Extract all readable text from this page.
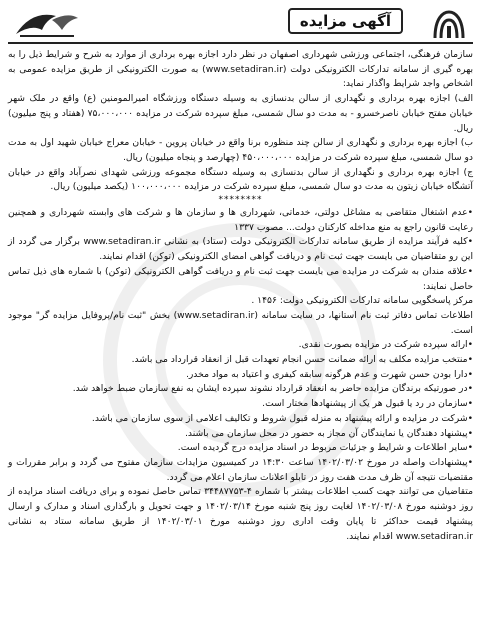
آگهی مزایده

سازمان فرهنگی، اجتماعی ورزشی شهرداری اصفهان در نظر دارد اجازه بهره برداری از موارد به شرح و شرایط ذیل را به بهره گیری از سامانه تدارکات الکترونیکی دولت (www.setadiran.ir) به صورت الکترونیکی از طریق مزایده عمومی به اشخاص واجد شرایط واگذار نماید:

الف) اجازه بهره برداری و نگهداری از سالن بدنسازی به وسیله دستگاه ورزشگاه امیرالمومنین (ع) واقع در ملک شهر خیابان مفتح خیابان ناصرخسرو - به مدت دو سال شمسی، مبلغ سپرده شرکت در مزایده ۷۵،۰۰۰،۰۰۰ (هفتاد و پنج میلیون) ریال.

ب) اجازه بهره برداری و نگهداری از سالن چند منظوره برنا واقع در خیابان پروین - خیابان معراج خیابان شهید اول به مدت دو سال شمسی، مبلغ سپرده شرکت در مزایده ۴۵۰،۰۰۰،۰۰۰ (چهارصد و پنجاه میلیون) ریال.

ج) اجازه بهره برداری و نگهداری از سالن بدنسازی به وسیله دستگاه مجموعه ورزشی شهدای نصرآباد واقع در خیابان آتشگاه خیابان زیتون به مدت دو سال شمسی، مبلغ سپرده شرکت در مزایده ۱۰۰،۰۰۰،۰۰۰ (یکصد میلیون) ریال.

********

•عدم اشتغال متقاضی به مشاغل دولتی، خدماتی، شهرداری ها و سازمان ها و شرکت های وابسته شهرداری و همچنین رعایت قانون راجع به منع مداخله کارکنان دولت... مصوب ۱۳۳۷

•کلیه فرآیند مزایده از طریق سامانه تدارکات الکترونیکی دولت (ستاد) به نشانی www.setadiran.ir برگزار می گردد از این رو متقاضیان می بایست جهت ثبت نام و دریافت گواهی امضای الکترونیکی (توکن) اقدام نمایند.

•علاقه مندان به شرکت در مزایده می بایست جهت ثبت نام و دریافت گواهی الکترونیکی (توکن) با شماره های ذیل تماس حاصل نمایند:

مرکز پاسخگویی سامانه تدارکات الکترونیکی دولت: ۱۴۵۶ .

اطلاعات تماس دفاتر ثبت نام استانها، در سایت سامانه (www.setadiran.ir) بخش "ثبت نام/پروفایل مزایده گر" موجود است.

•ارائه سپرده شرکت در مزایده بصورت نقدی.

•منتخب مزایده مکلف به ارائه ضمانت حسن انجام تعهدات قبل از انعقاد قرارداد می باشد.

•دارا بودن حسن شهرت و عدم هرگونه سابقه کیفری و اعتیاد به مواد مخدر.

•در صورتیکه برندگان مزایده حاضر به انعقاد قرارداد نشوند سپرده ایشان به نفع سازمان ضبط خواهد شد.

•سازمان در رد یا قبول هر یک از پیشنهادها مختار است.

•شرکت در مزایده و ارائه پیشنهاد به منزله قبول شروط و تکالیف اعلامی از سوی سازمان می باشد.

•پیشنهاد دهندگان یا نمایندگان آن مجاز به حضور در محل سازمان می باشند.

•سایر اطلاعات و شرایط و جزئیات مربوط در اسناد مزایده درج گردیده است.

•پیشنهادات واصله در مورخ ۱۴۰۲/۰۳/۰۲ ساعت ۱۴:۳۰ در کمیسیون مزایدات سازمان مفتوح می گردد و برابر مقررات و مقتضیات نتیجه آن ظرف مدت هفت روز در تابلو اعلانات سازمان اعلام می گردد.

متقاضیان می توانند جهت کسب اطلاعات بیشتر با شماره ۴-۳۴۴۸۷۷۵۳ تماس حاصل نموده و برای دریافت اسناد مزایده از روز دوشنبه مورخ ۱۴۰۲/۰۳/۰۸ لغایت روز پنج شنبه مورخ ۱۴۰۲/۰۳/۱۴ و جهت تحویل و بارگذاری اسناد و مدارک و ارسال پیشنهاد قیمت حداکثر تا پایان وقت اداری روز دوشنبه مورخ ۱۴۰۲/۰۳/۰۱ از طریق سامانه ستاد به نشانی www.setadiran.ir اقدام نمایند.
